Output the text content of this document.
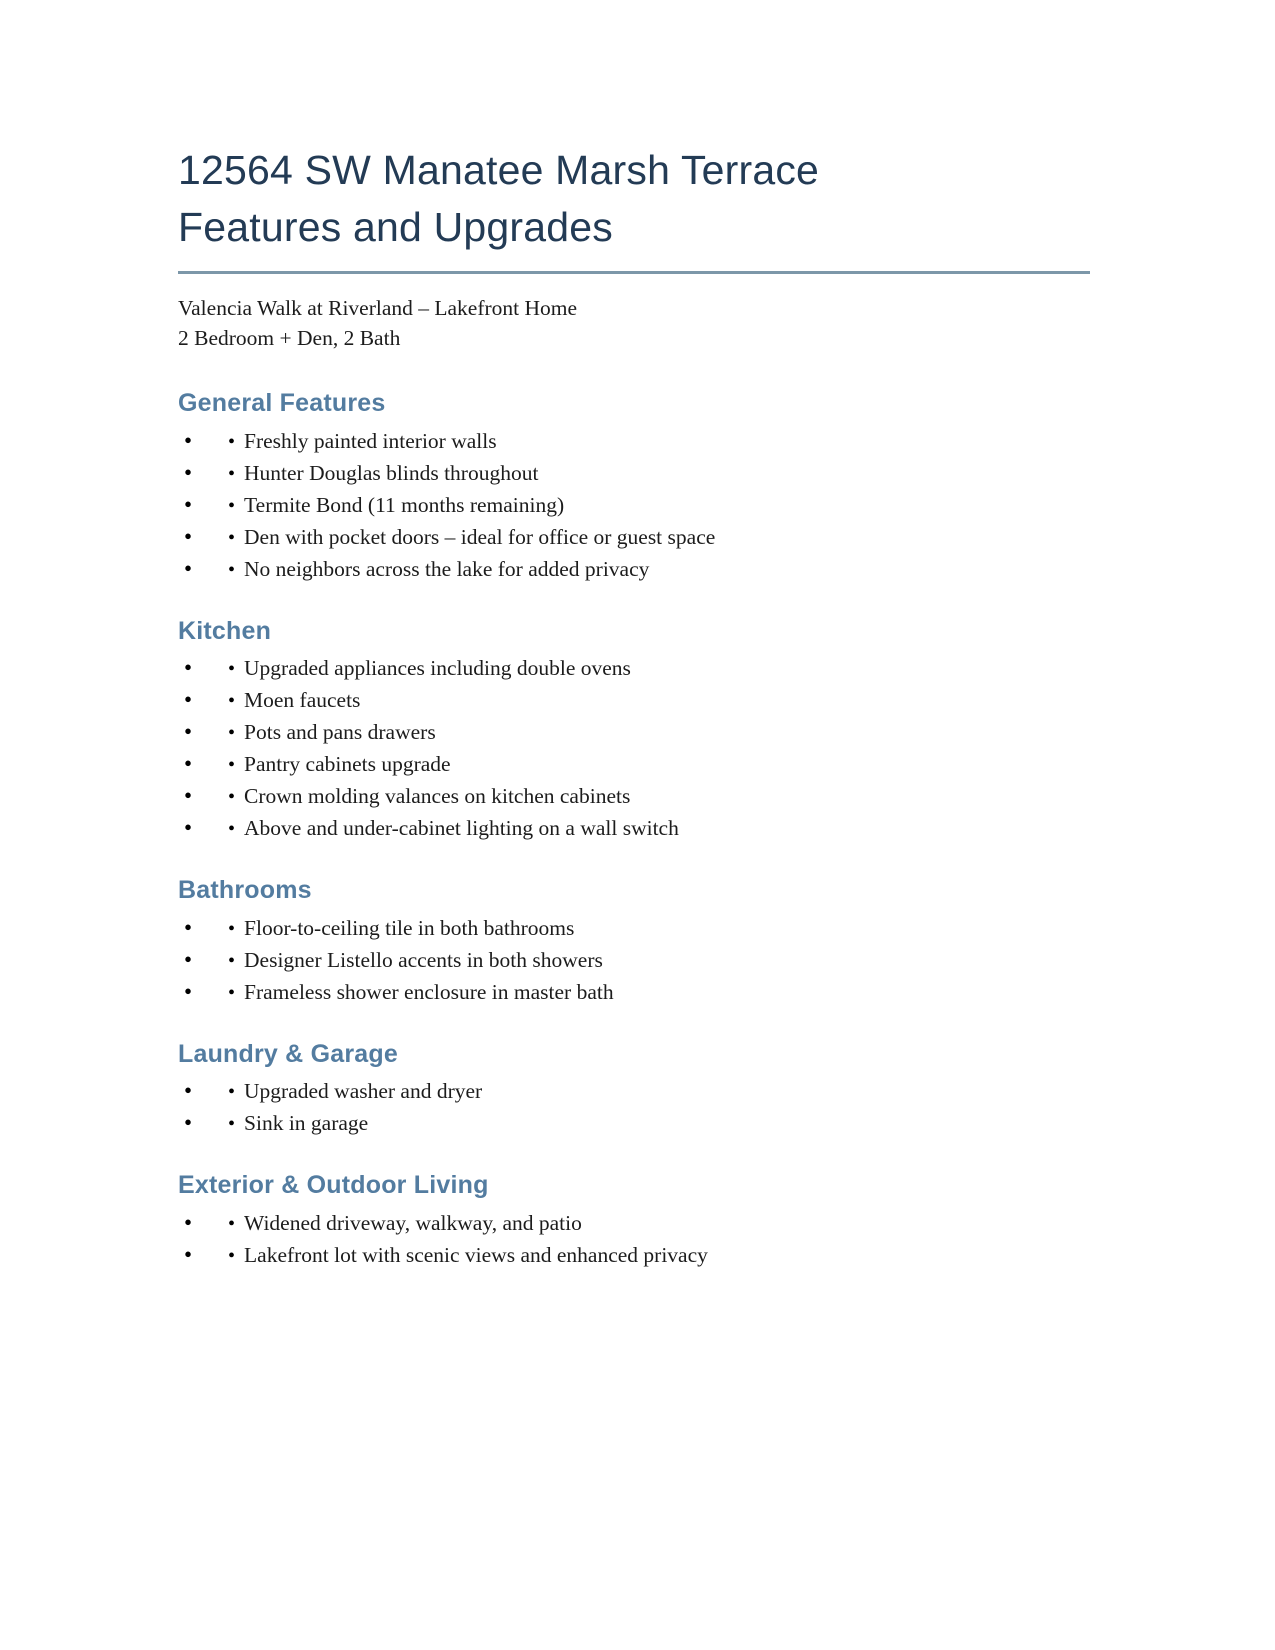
12564 SW Manatee Marsh Terrace
Features and Upgrades

Valencia Walk at Riverland – Lakefront Home
2 Bedroom + Den, 2 Bath

General Features
• • Freshly painted interior walls
• • Hunter Douglas blinds throughout
• • Termite Bond (11 months remaining)
• • Den with pocket doors – ideal for office or guest space
• • No neighbors across the lake for added privacy
Kitchen
• • Upgraded appliances including double ovens
• • Moen faucets
• • Pots and pans drawers
• • Pantry cabinets upgrade
• • Crown molding valances on kitchen cabinets
• • Above and under-cabinet lighting on a wall switch
Bathrooms
• • Floor-to-ceiling tile in both bathrooms
• • Designer Listello accents in both showers
• • Frameless shower enclosure in master bath
Laundry & Garage
• • Upgraded washer and dryer
• • Sink in garage
Exterior & Outdoor Living
• • Widened driveway, walkway, and patio
• • Lakefront lot with scenic views and enhanced privacy
